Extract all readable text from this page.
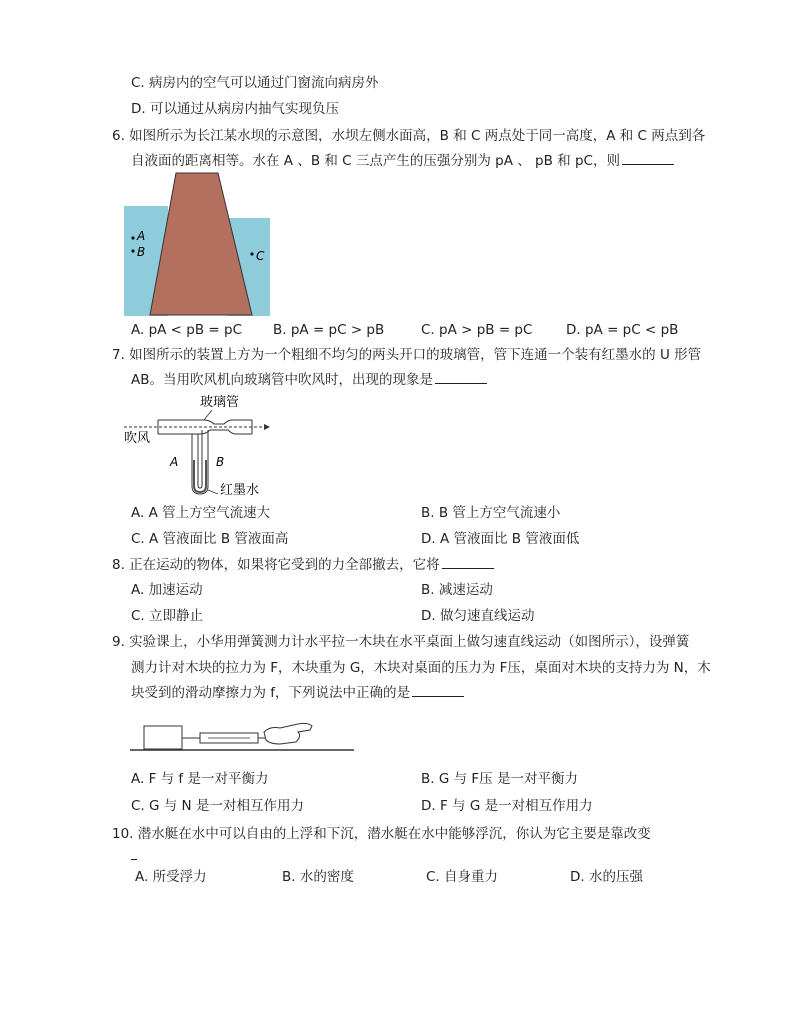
C. 病房内的空气可以通过门窗流向病房外
D. 可以通过从病房内抽气实现负压
6. 如图所示为长江某水坝的示意图，水坝左侧水面高，B 和 C 两点处于同一高度，A 和 C 两点到各
自液面的距离相等。水在 A 、B 和 C 三点产生的压强分别为 pA 、 pB 和 pC，则
A
B	C
A. pA < pB = pC B. pA = pC > pB	C. pA > pB = pC D. pA = pC < pB
7. 如图所示的装置上方为一个粗细不均匀的两头开口的玻璃管，管下连通一个装有红墨水的 U 形管
AB。当用吹风机向玻璃管中吹风时，出现的现象是
玻璃管
吹风
A	B
红墨水
A. A 管上方空气流速大	B. B 管上方空气流速小
C. A 管液面比 B 管液面高	D. A 管液面比 B 管液面低
8. 正在运动的物体，如果将它受到的力全部撤去，它将
A. 加速运动	B. 减速运动
C. 立即静止	D. 做匀速直线运动
9. 实验课上，小华用弹簧测力计水平拉一木块在水平桌面上做匀速直线运动（如图所示），设弹簧
测力计对木块的拉力为 F，木块重为 G，木块对桌面的压力为 F压，桌面对木块的支持力为 N，木
块受到的滑动摩擦力为 f，下列说法中正确的是
A. F 与 f 是一对平衡力	B. G 与 F压 是一对平衡力
C. G 与 N 是一对相互作用力	D. F 与 G 是一对相互作用力
10. 潜水艇在水中可以自由的上浮和下沉，潜水艇在水中能够浮沉，你认为它主要是靠改变
A. 所受浮力	B. 水的密度	C. 自身重力	D. 水的压强
